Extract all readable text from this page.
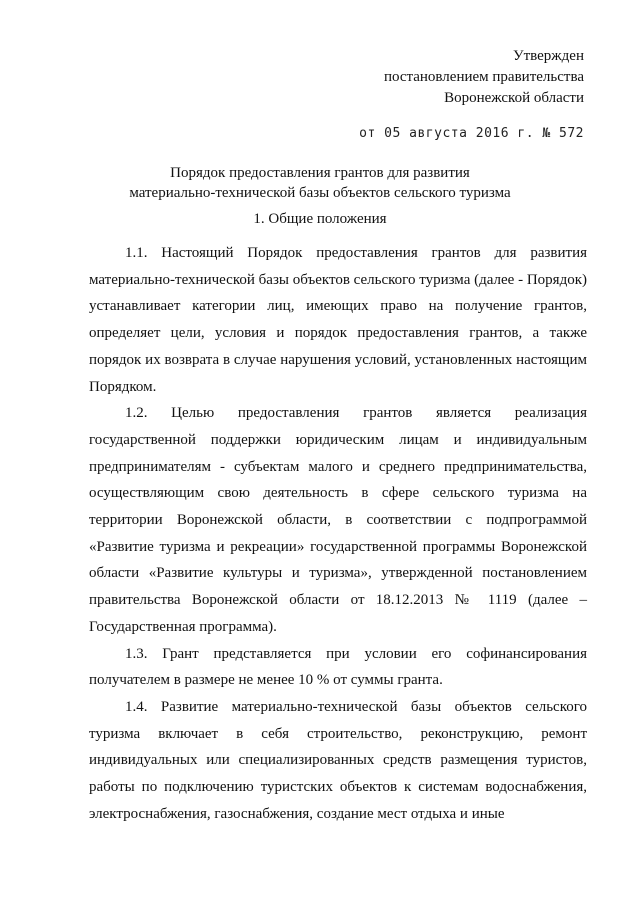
Утвержден
постановлением правительства
Воронежской области
от 05 августа 2016 г. № 572
Порядок предоставления грантов для развития
материально-технической базы объектов сельского туризма
1. Общие положения

1.1. Настоящий Порядок предоставления грантов для развития материально-технической базы объектов сельского туризма (далее - Порядок) устанавливает категории лиц, имеющих право на получение грантов, определяет цели, условия и порядок предоставления грантов, а также порядок их возврата в случае нарушения условий, установленных настоящим Порядком.

1.2. Целью предоставления грантов является реализация государственной поддержки юридическим лицам и индивидуальным предпринимателям - субъектам малого и среднего предпринимательства, осуществляющим свою деятельность в сфере сельского туризма на территории Воронежской области, в соответствии с подпрограммой «Развитие туризма и рекреации» государственной программы Воронежской области «Развитие культуры и туризма», утвержденной постановлением правительства Воронежской области от 18.12.2013 № 1119 (далее – Государственная программа).

1.3. Грант представляется при условии его софинансирования получателем в размере не менее 10 % от суммы гранта.

1.4. Развитие материально-технической базы объектов сельского туризма включает в себя строительство, реконструкцию, ремонт индивидуальных или специализированных средств размещения туристов, работы по подключению туристских объектов к системам водоснабжения, электроснабжения, газоснабжения, создание мест отдыха и иные
